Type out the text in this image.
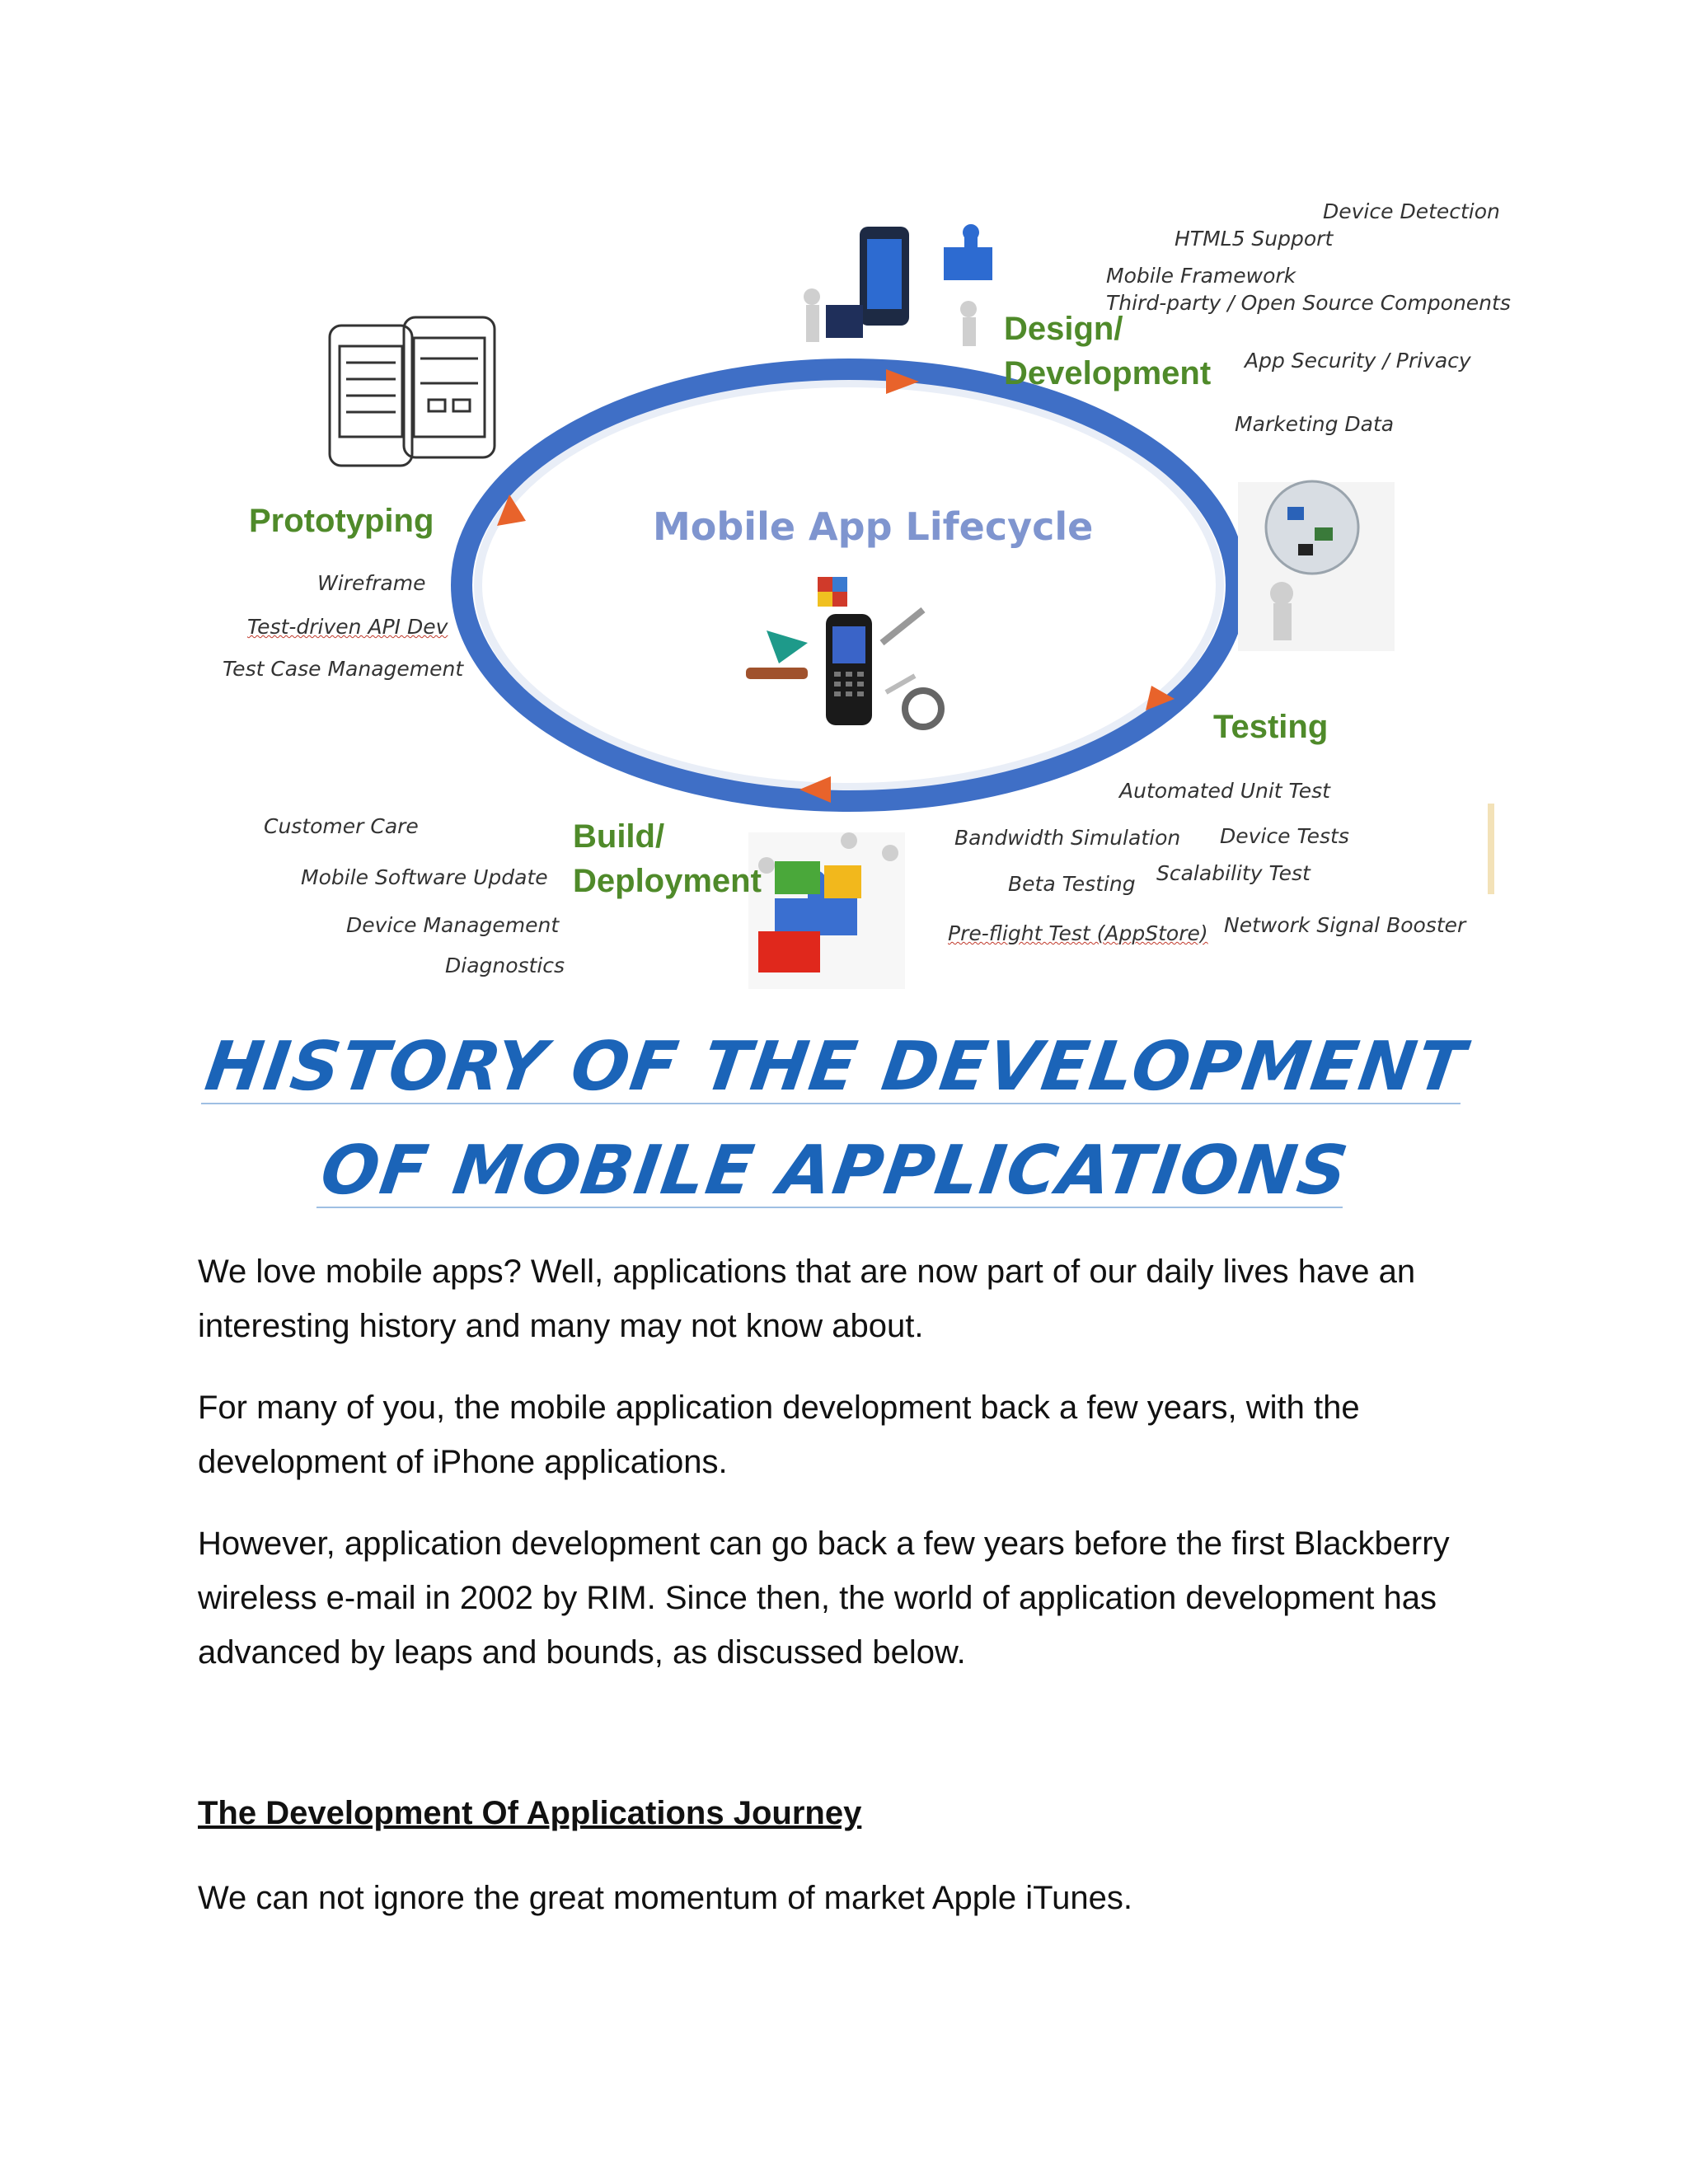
Mobile App Lifecycle
Design/
Development
Device Detection
HTML5 Support
Mobile Framework
Third-party / Open Source Components
App Security / Privacy
Marketing Data
Prototyping
Wireframe
Test-driven API Dev
Test Case Management
Testing
Automated Unit Test
Bandwidth Simulation Device Tests
Beta Testing Scalability Test
Pre-flight Test (AppStore) Network Signal Booster
Build/
Deployment
Customer Care
Mobile Software Update
Device Management
Diagnostics
HISTORY OF THE DEVELOPMENT
OF MOBILE APPLICATIONS

We love mobile apps? Well, applications that are now part of our daily lives have an interesting history and many may not know about.

For many of you, the mobile application development back a few years, with the development of iPhone applications.

However, application development can go back a few years before the first Blackberry wireless e-mail in 2002 by RIM. Since then, the world of application development has advanced by leaps and bounds, as discussed below.

The Development Of Applications Journey

We can not ignore the great momentum of market Apple iTunes.
